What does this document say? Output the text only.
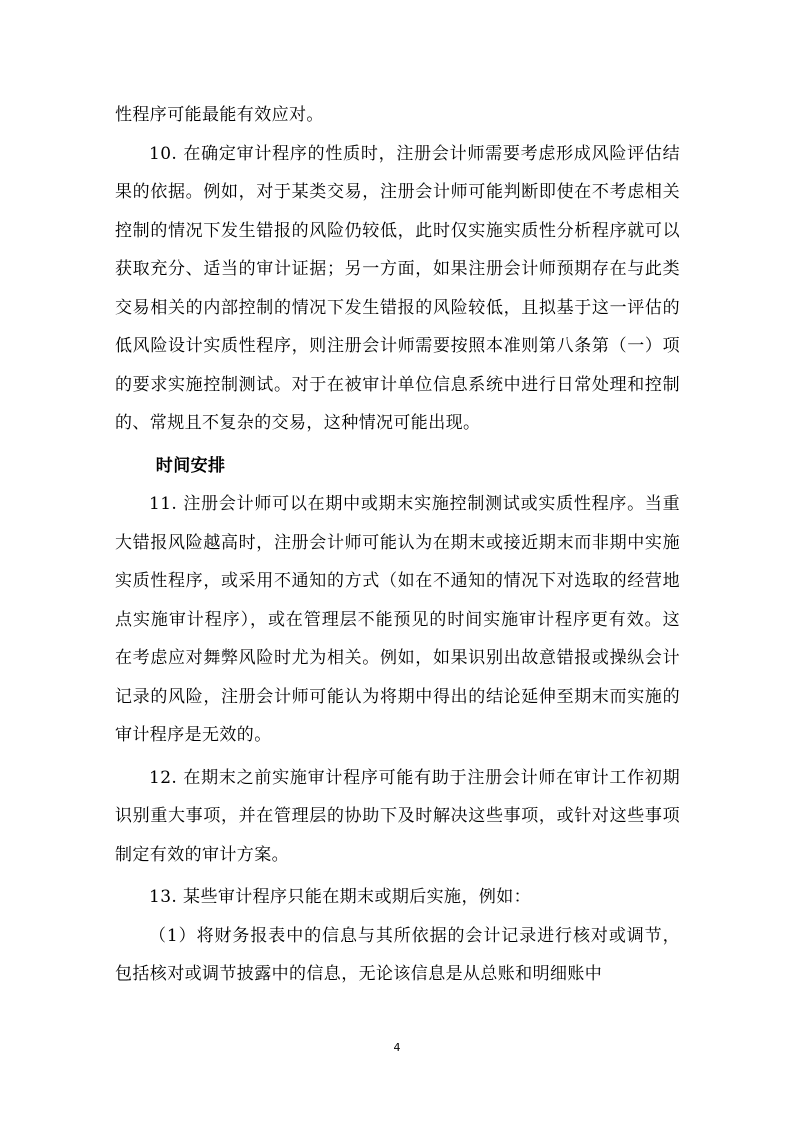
性程序可能最能有效应对。

10. 在确定审计程序的性质时，注册会计师需要考虑形成风险评估结果的依据。例如，对于某类交易，注册会计师可能判断即使在不考虑相关控制的情况下发生错报的风险仍较低，此时仅实施实质性分析程序就可以获取充分、适当的审计证据；另一方面，如果注册会计师预期存在与此类交易相关的内部控制的情况下发生错报的风险较低，且拟基于这一评估的低风险设计实质性程序，则注册会计师需要按照本准则第八条第（一）项的要求实施控制测试。对于在被审计单位信息系统中进行日常处理和控制的、常规且不复杂的交易，这种情况可能出现。

时间安排

11. 注册会计师可以在期中或期末实施控制测试或实质性程序。当重大错报风险越高时，注册会计师可能认为在期末或接近期末而非期中实施实质性程序，或采用不通知的方式（如在不通知的情况下对选取的经营地点实施审计程序），或在管理层不能预见的时间实施审计程序更有效。这在考虑应对舞弊风险时尤为相关。例如，如果识别出故意错报或操纵会计记录的风险，注册会计师可能认为将期中得出的结论延伸至期末而实施的审计程序是无效的。

12. 在期末之前实施审计程序可能有助于注册会计师在审计工作初期识别重大事项，并在管理层的协助下及时解决这些事项，或针对这些事项制定有效的审计方案。

13. 某些审计程序只能在期末或期后实施，例如：

（1）将财务报表中的信息与其所依据的会计记录进行核对或调节，包括核对或调节披露中的信息，无论该信息是从总账和明细账中

4
